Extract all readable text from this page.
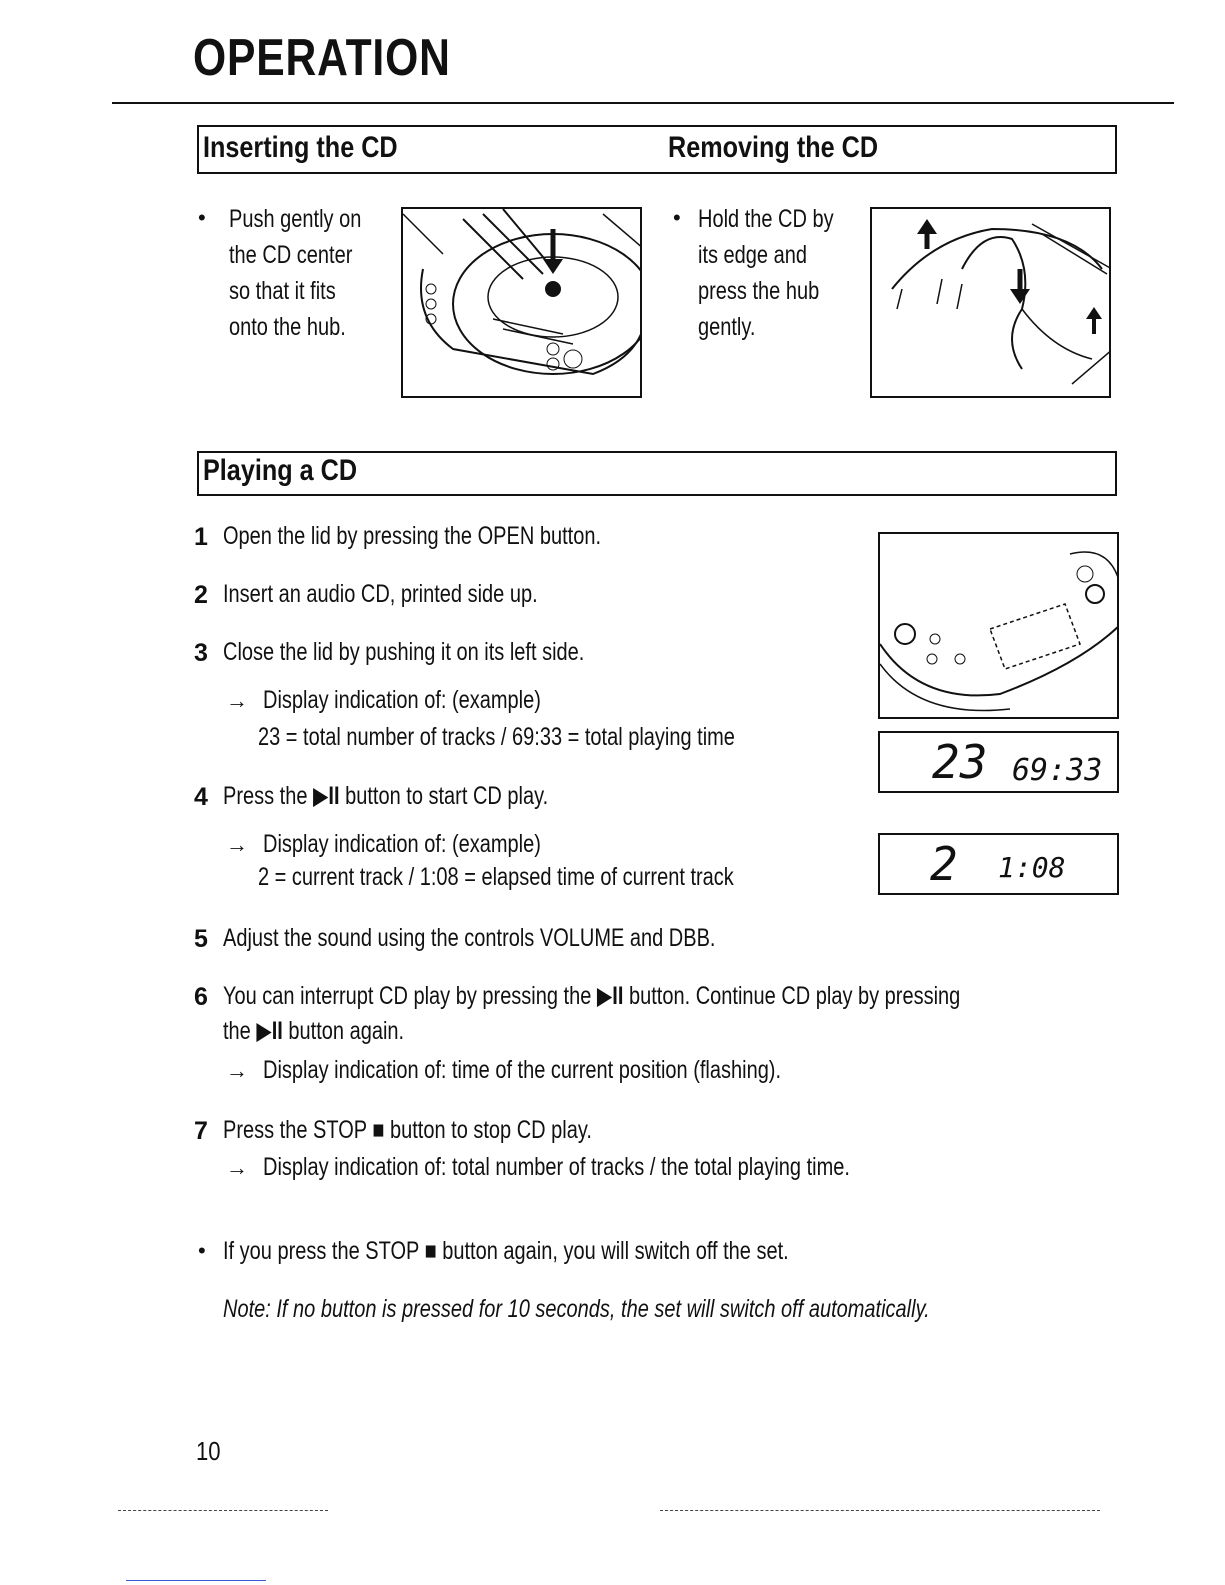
OPERATION
Inserting the CD	Removing the CD
• Push gently on
the CD center
so that it fits
onto the hub.
• Hold the CD by
its edge and
press the hub
gently.
Playing a CD
1 Open the lid by pressing the OPEN button.
2 Insert an audio CD, printed side up.
3 Close the lid by pushing it on its left side.
→ Display indication of: (example)
23 = total number of tracks / 69:33 = total playing time
4 Press the ▶II button to start CD play.
→ Display indication of: (example)
2 = current track / 1:08 = elapsed time of current track
5 Adjust the sound using the controls VOLUME and DBB.
6 You can interrupt CD play by pressing the ▶II button. Continue CD play by pressing
the ▶II button again.
→ Display indication of: time of the current position (flashing).
7 Press the STOP ■ button to stop CD play.
→ Display indication of: total number of tracks / the total playing time.
• If you press the STOP ■ button again, you will switch off the set.
Note: If no button is pressed for 10 seconds, the set will switch off automatically.
23 69:33
2 1:08
10
